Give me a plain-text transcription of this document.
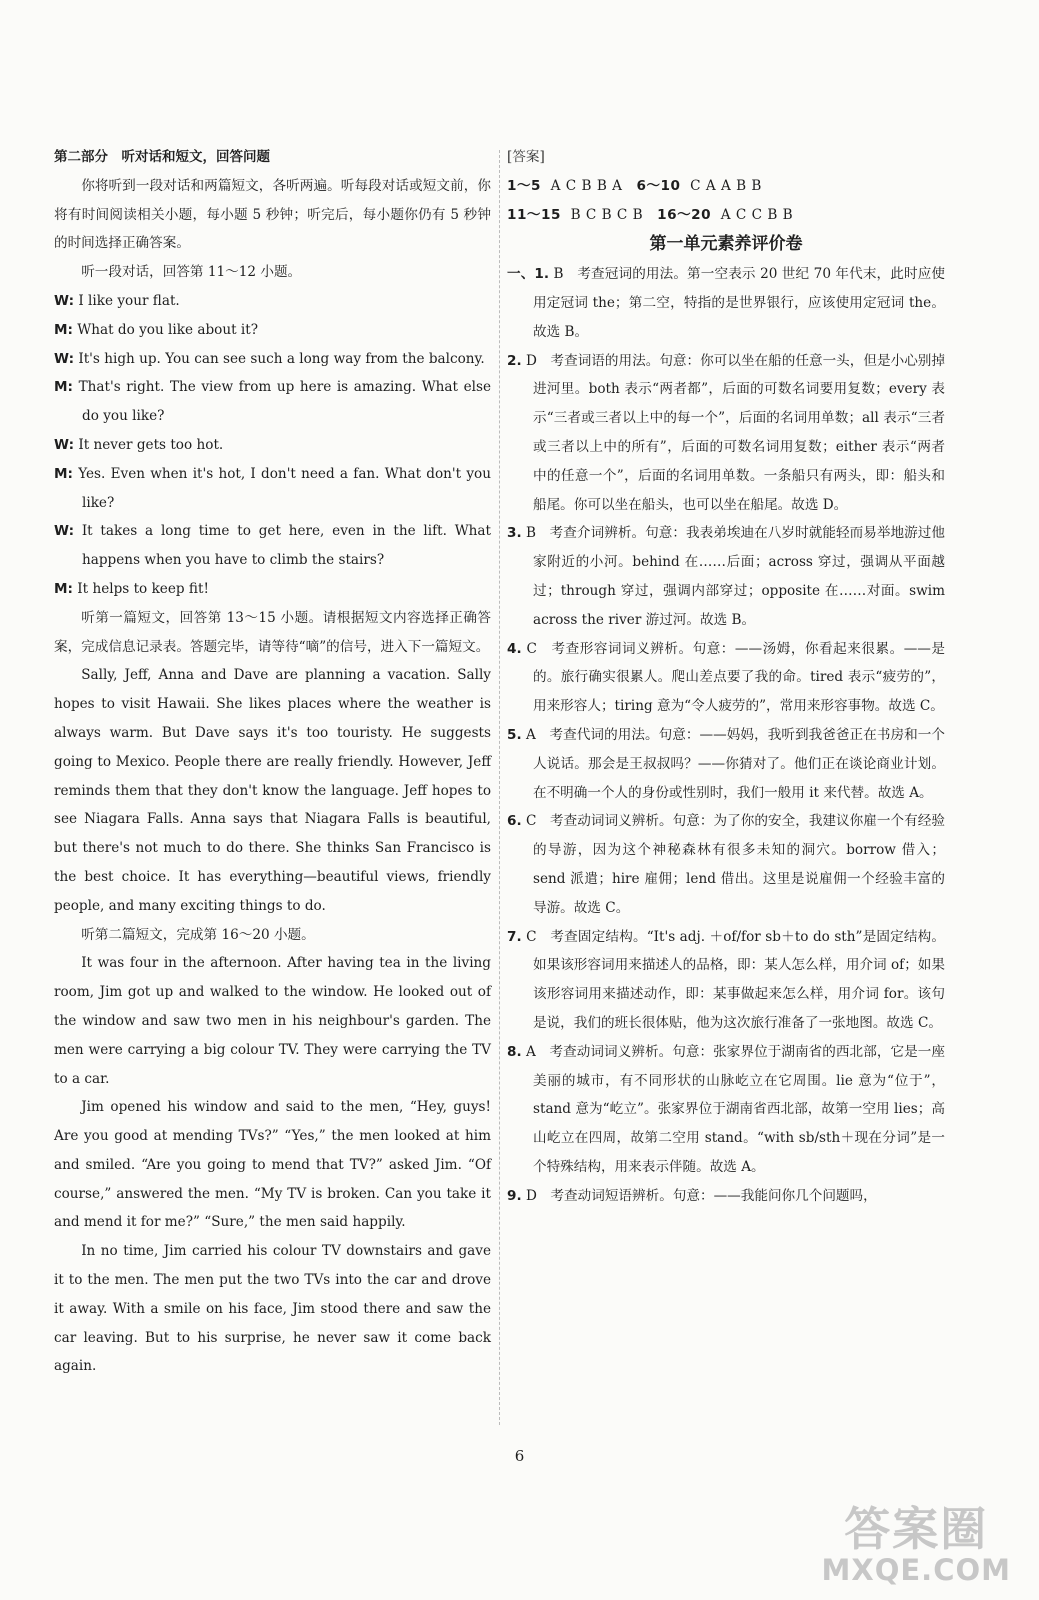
第二部分　听对话和短文，回答问题

你将听到一段对话和两篇短文，各听两遍。听每段对话或短文前，你将有时间阅读相关小题，每小题 5 秒钟；听完后，每小题你仍有 5 秒钟的时间选择正确答案。

听一段对话，回答第 11～12 小题。

W: I like your flat.

M: What do you like about it?

W: It's high up. You can see such a long way from the balcony.

M: That's right. The view from up here is amazing. What else do you like?

W: It never gets too hot.

M: Yes. Even when it's hot, I don't need a fan. What don't you like?

W: It takes a long time to get here, even in the lift. What happens when you have to climb the stairs?

M: It helps to keep fit!

听第一篇短文，回答第 13～15 小题。请根据短文内容选择正确答案，完成信息记录表。答题完毕，请等待“嘀”的信号，进入下一篇短文。

Sally, Jeff, Anna and Dave are planning a vacation. Sally hopes to visit Hawaii. She likes places where the weather is always warm. But Dave says it's too touristy. He suggests going to Mexico. People there are really friendly. However, Jeff reminds them that they don't know the language. Jeff hopes to see Niagara Falls. Anna says that Niagara Falls is beautiful, but there's not much to do there. She thinks San Francisco is the best choice. It has everything—beautiful views, friendly people, and many exciting things to do.

听第二篇短文，完成第 16～20 小题。

It was four in the afternoon. After having tea in the living room, Jim got up and walked to the window. He looked out of the window and saw two men in his neighbour's garden. The men were carrying a big colour TV. They were carrying the TV to a car.

Jim opened his window and said to the men, “Hey, guys! Are you good at mending TVs?” “Yes,” the men looked at him and smiled. “Are you going to mend that TV?” asked Jim. “Of course,” answered the men. “My TV is broken. Can you take it and mend it for me?” “Sure,” the men said happily.

In no time, Jim carried his colour TV downstairs and gave it to the men. The men put the two TVs into the car and drove it away. With a smile on his face, Jim stood there and saw the car leaving. But to his surprise, he never saw it come back again.

[答案]

1～5 A C B B A 6～10 C A A B B

11～15 B C B C B 16～20 A C C B B

第一单元素养评价卷

一、1. B　考查冠词的用法。第一空表示 20 世纪 70 年代末，此时应使用定冠词 the；第二空，特指的是世界银行，应该使用定冠词 the。故选 B。

2. D　考查词语的用法。句意：你可以坐在船的任意一头，但是小心别掉进河里。both 表示“两者都”，后面的可数名词要用复数；every 表示“三者或三者以上中的每一个”，后面的名词用单数；all 表示“三者或三者以上中的所有”，后面的可数名词用复数；either 表示“两者中的任意一个”，后面的名词用单数。一条船只有两头，即：船头和船尾。你可以坐在船头，也可以坐在船尾。故选 D。

3. B　考查介词辨析。句意：我表弟埃迪在八岁时就能轻而易举地游过他家附近的小河。behind 在……后面；across 穿过，强调从平面越过；through 穿过，强调内部穿过；opposite 在……对面。swim across the river 游过河。故选 B。

4. C　考查形容词词义辨析。句意：——汤姆，你看起来很累。——是的。旅行确实很累人。爬山差点要了我的命。tired 表示“疲劳的”，用来形容人；tiring 意为“令人疲劳的”，常用来形容事物。故选 C。

5. A　考查代词的用法。句意：——妈妈，我听到我爸爸正在书房和一个人说话。那会是王叔叔吗？——你猜对了。他们正在谈论商业计划。在不明确一个人的身份或性别时，我们一般用 it 来代替。故选 A。

6. C　考查动词词义辨析。句意：为了你的安全，我建议你雇一个有经验的导游，因为这个神秘森林有很多未知的洞穴。borrow 借入；send 派遣；hire 雇佣；lend 借出。这里是说雇佣一个经验丰富的导游。故选 C。

7. C　考查固定结构。“It's adj. ＋of/for sb＋to do sth”是固定结构。如果该形容词用来描述人的品格，即：某人怎么样，用介词 of；如果该形容词用来描述动作，即：某事做起来怎么样，用介词 for。该句是说，我们的班长很体贴，他为这次旅行准备了一张地图。故选 C。

8. A　考查动词词义辨析。句意：张家界位于湖南省的西北部，它是一座美丽的城市，有不同形状的山脉屹立在它周围。lie 意为“位于”，stand 意为“屹立”。张家界位于湖南省西北部，故第一空用 lies；高山屹立在四周，故第二空用 stand。“with sb/sth＋现在分词”是一个特殊结构，用来表示伴随。故选 A。

9. D　考查动词短语辨析。句意：——我能问你几个问题吗，

6
答案圈
MXQE.COM
